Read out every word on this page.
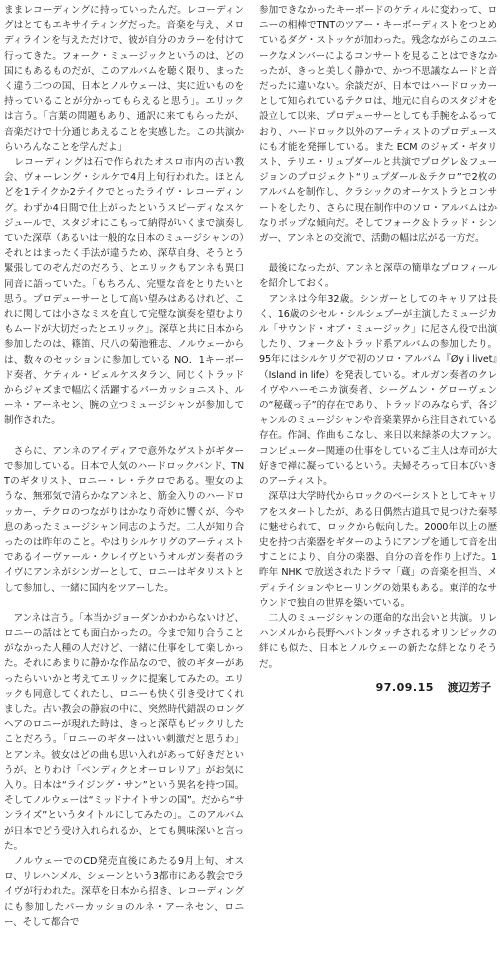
ままレコーディングに持っていったんだ。レコーディングはとてもエキサイティングだった。音楽を与え、メロディラインを与えただけで、彼が自分のカラーを付けて行ってきた。フォーク・ミュージックというのは、どの国にもあるものだが、このアルバムを聴く限り、まったく違う二つの国、日本とノルウェーは、実に近いものを持っていることが分かってもらえると思う」。エリックは言う。「言葉の問題もあり、通訳に来てもらったが、音楽だけで十分通じあえることを実感した。この共演からいろんなことを学んだよ」

　レコーディングは石で作られたオスロ市内の古い教会、ヴォーレング・シルケで4月上旬行われた。ほとんどを1テイクか2テイクでとったライヴ・レコーディング。わずか4日間で仕上がったというスピーディなスケジュールで、スタジオにこもって納得がいくまで演奏していた深草（あるいは一般的な日本のミュージシャンの）それとはまったく手法が違うため、深草自身、そうとう緊張してのぞんだのだろう、とエリックもアンネも異口同音に語っていた。「もちろん、完璧な音をとりたいと思う。プロデューサーとして高い望みはあるけれど、これに関しては小さなミスを直して完璧な演奏を望むよりもムードが大切だったとエリック」。深草と共に日本から参加したのは、篠笛、尺八の菊池雅志、ノルウェーからは、数々のセッションに参加している NO．1キーボード奏者、ケティル・ビェルケスタラン、同じくトラッドからジャズまで幅広く活躍するパーカッショニスト、ルーネ・アーネセン、腕の立つミュージシャンが参加して制作された。

　さらに、アンネのアイディアで意外なゲストがギターで参加している。日本で人気のハードロックバンド、TNTのギタリスト、ロニー・レ・テクロである。聖女のような、無邪気で清らかなアンネと、筋金入りのハードロッカー、テクロのつながりはかなり奇妙に響くが、今や息のあったミュージシャン同志のようだ。二人が知り合ったのは昨年のこと。やはりシルケリグのアーティストであるイーヴァール・クレイヴというオルガン奏者のライヴにアンネがシンガーとして、ロニーはギタリストとして参加し、一緒に国内をツアーした。

　アンネは言う。「本当かジョーダンかわからないけど、ロニーの話はとても面白かったの。今まで知り合うことがなかった人種の人だけど、一緒に仕事をして楽しかった。それにあまりに静かな作品なので、彼のギターがあったらいいかと考えてエリックに提案してみたの。エリックも同意してくれたし、ロニーも快く引き受けてくれました。古い教会の静寂の中に、突然時代錯誤のロングヘアのロニーが現れた時は、きっと深草もビックリしたことだろう。「ロニーのギターはいい刺激だと思うわ」とアンネ。彼女はどの曲も思い入れがあって好きだというが、とりわけ「ベンディクとオーロレリア」がお気に入り。日本は“ライジング・サン”という異名を持つ国。そしてノルウェーは“ミッドナイトサンの国”。だから“サンライズ”というタイトルにしてみたの」。このアルバムが日本でどう受け入れられるか、とても興味深いと言った。

　ノルウェーでのCD発売直後にあたる9月上旬、オスロ、リレハンメル、シェーンという3都市にある教会でライヴが行われた。深草を日本から招き、レコーディングにも参加したパーカッショのルネ・アーネセン、ロニー、そして都合で

参加できなかったキーボードのケティルに変わって、ロニーの相棒でTNTのツアー・キーボーディストをつとめているダグ・ストッケが加わった。残念ながらこのユニークなメンバーによるコンサートを見ることはできなかったが、きっと美しく静かで、かつ不思議なムードと音だったに違いない。余談だが、日本ではハードロッカーとして知られているテクロは、地元に自らのスタジオを設立して以来、プロデューサーとしても手腕をふるっており、ハードロック以外のアーティストのプロデュースにも才能を発揮している。また ECM のジャズ・ギタリスト、テリエ・リュプダールと共演でプログレ＆フュージョンのプロジェクト“リュプダール＆テクロ”で2枚のアルバムを制作し、クラシックのオーケストラとコンサートをしたり、さらに現在制作中のソロ・アルバムはかなりポップな傾向だ。そしてフォーク＆トラッド・シンガー、アンネとの交流で、活動の幅は広がる一方だ。

　最後になったが、アンネと深草の簡単なプロフィールを紹介しておく。

　アンネは今年32歳。シンガーとしてのキャリアは長く、16歳のシセル・シルシェブーが主演したミュージカル「サウンド・オブ・ミュージック」に尼さん役で出演したり、フォーク＆トラッド系アルバムの参加したり。95年にはシルケリグで初のソロ・アルバム『Øy i livet』（Island in life）を発表している。オルガン奏者のクレイヴやハーモニカ演奏者、シーグムン・グローヴェンの“秘蔵っ子”的存在であり、トラッドのみならず、各ジャンルのミュージシャンや音楽業界から注目されている存在。作詞、作曲もこなし、来日以来緑茶の大ファン。コンピューター関連の仕事をしているご主人は寿司が大好きで禅に凝っているという。夫婦そろって日本びいきのアーティスト。

　深草は大学時代からロックのベーシストとしてキャリアをスタートしたが、ある日偶然古道具で見つけた秦琴に魅せられて、ロックから転向した。2000年以上の歴史を持つ古楽器をギターのようにアンプを通して音を出すことにより、自分の楽器、自分の音を作り上げた。1昨年 NHK で放送されたドラマ「蔵」の音楽を担当、メディテイションやヒーリングの効果もある。東洋的なサウンドで独自の世界を築いている。

　二人のミュージシャンの運命的な出会いと共演。リレハンメルから長野へバトンタッチされるオリンピックの絆にも似た、日本とノルウェーの新たな絆となりそうだ。

97.09.15 渡辺芳子
